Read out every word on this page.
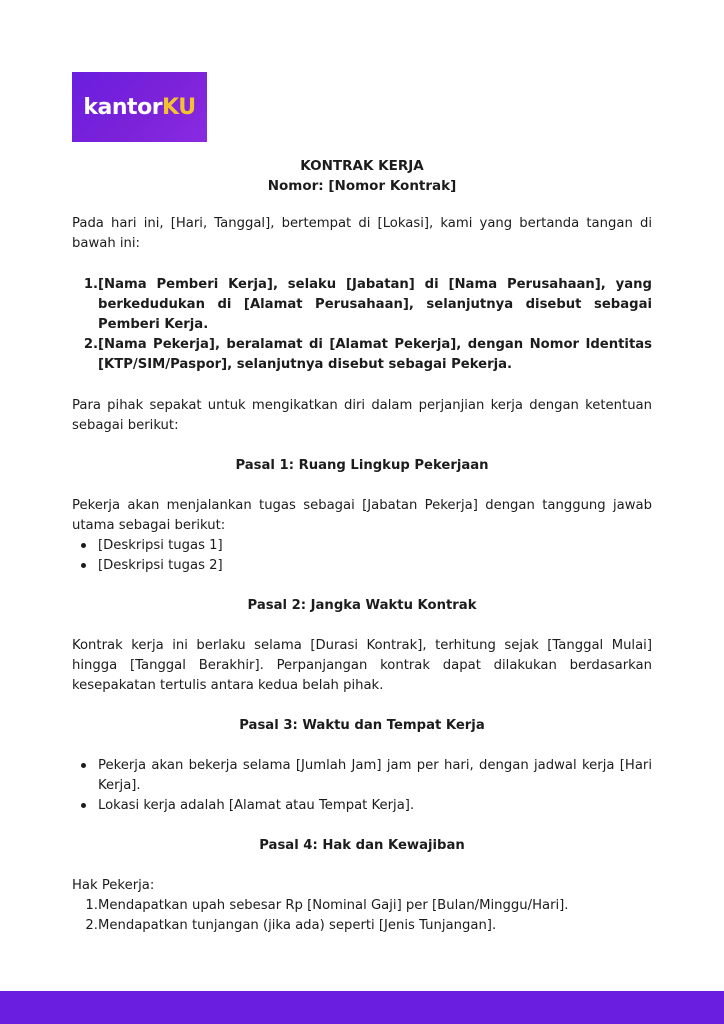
kantorKU
KONTRAK KERJA
Nomor: [Nomor Kontrak]

Pada hari ini, [Hari, Tanggal], bertempat di [Lokasi], kami yang bertanda tangan di bawah ini:

1. [Nama Pemberi Kerja], selaku [Jabatan] di [Nama Perusahaan], yang berkedudukan di [Alamat Perusahaan], selanjutnya disebut sebagai Pemberi Kerja.
2. [Nama Pekerja], beralamat di [Alamat Pekerja], dengan Nomor Identitas [KTP/SIM/Paspor], selanjutnya disebut sebagai Pekerja.

Para pihak sepakat untuk mengikatkan diri dalam perjanjian kerja dengan ketentuan sebagai berikut:

Pasal 1: Ruang Lingkup Pekerjaan

Pekerja akan menjalankan tugas sebagai [Jabatan Pekerja] dengan tanggung jawab utama sebagai berikut:

[Deskripsi tugas 1]
[Deskripsi tugas 2]
Pasal 2: Jangka Waktu Kontrak

Kontrak kerja ini berlaku selama [Durasi Kontrak], terhitung sejak [Tanggal Mulai] hingga [Tanggal Berakhir]. Perpanjangan kontrak dapat dilakukan berdasarkan kesepakatan tertulis antara kedua belah pihak.

Pasal 3: Waktu dan Tempat Kerja
Pekerja akan bekerja selama [Jumlah Jam] jam per hari, dengan jadwal kerja [Hari Kerja].
Lokasi kerja adalah [Alamat atau Tempat Kerja].
Pasal 4: Hak dan Kewajiban

Hak Pekerja:

1. Mendapatkan upah sebesar Rp [Nominal Gaji] per [Bulan/Minggu/Hari].
2. Mendapatkan tunjangan (jika ada) seperti [Jenis Tunjangan].
